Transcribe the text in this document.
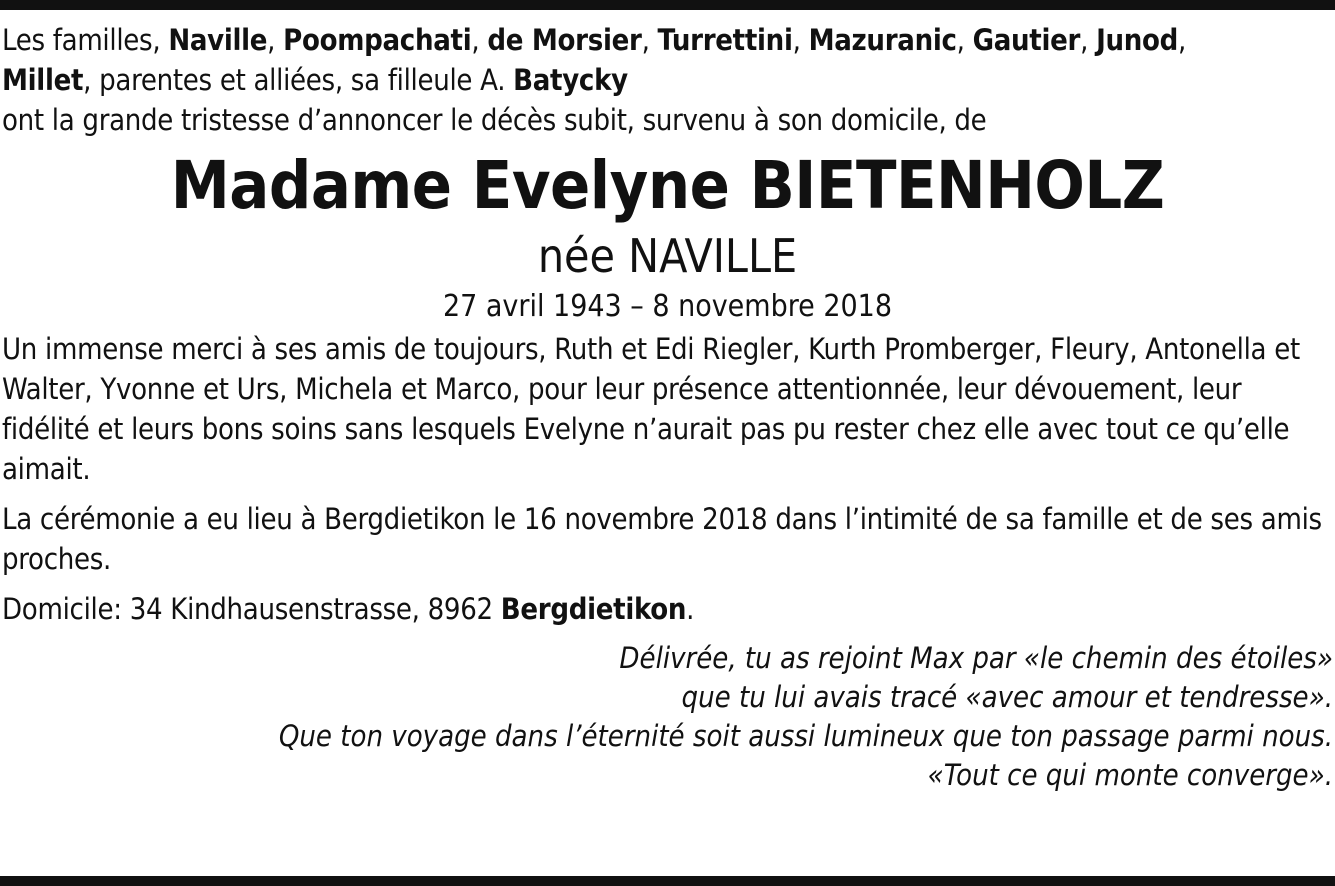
Les familles, Naville, Poompachati, de Morsier, Turrettini, Mazuranic, Gautier, Junod,
Millet, parentes et alliées, sa filleule A. Batycky
ont la grande tristesse d’annoncer le décès subit, survenu à son domicile, de

Madame Evelyne BIETENHOLZ
née NAVILLE
27 avril 1943 – 8 novembre 2018

Un immense merci à ses amis de toujours, Ruth et Edi Riegler, Kurth Promberger, Fleury, Antonella et Walter, Yvonne et Urs, Michela et Marco, pour leur présence attentionnée, leur dévouement, leur fidélité et leurs bons soins sans lesquels Evelyne n’aurait pas pu rester chez elle avec tout ce qu’elle aimait.

La cérémonie a eu lieu à Bergdietikon le 16 novembre 2018 dans l’intimité de sa famille et de ses amis proches.

Domicile: 34 Kindhausenstrasse, 8962 Bergdietikon.

Délivrée, tu as rejoint Max par «le chemin des étoiles»
que tu lui avais tracé «avec amour et tendresse».
Que ton voyage dans l’éternité soit aussi lumineux que ton passage parmi nous.
«Tout ce qui monte converge».
